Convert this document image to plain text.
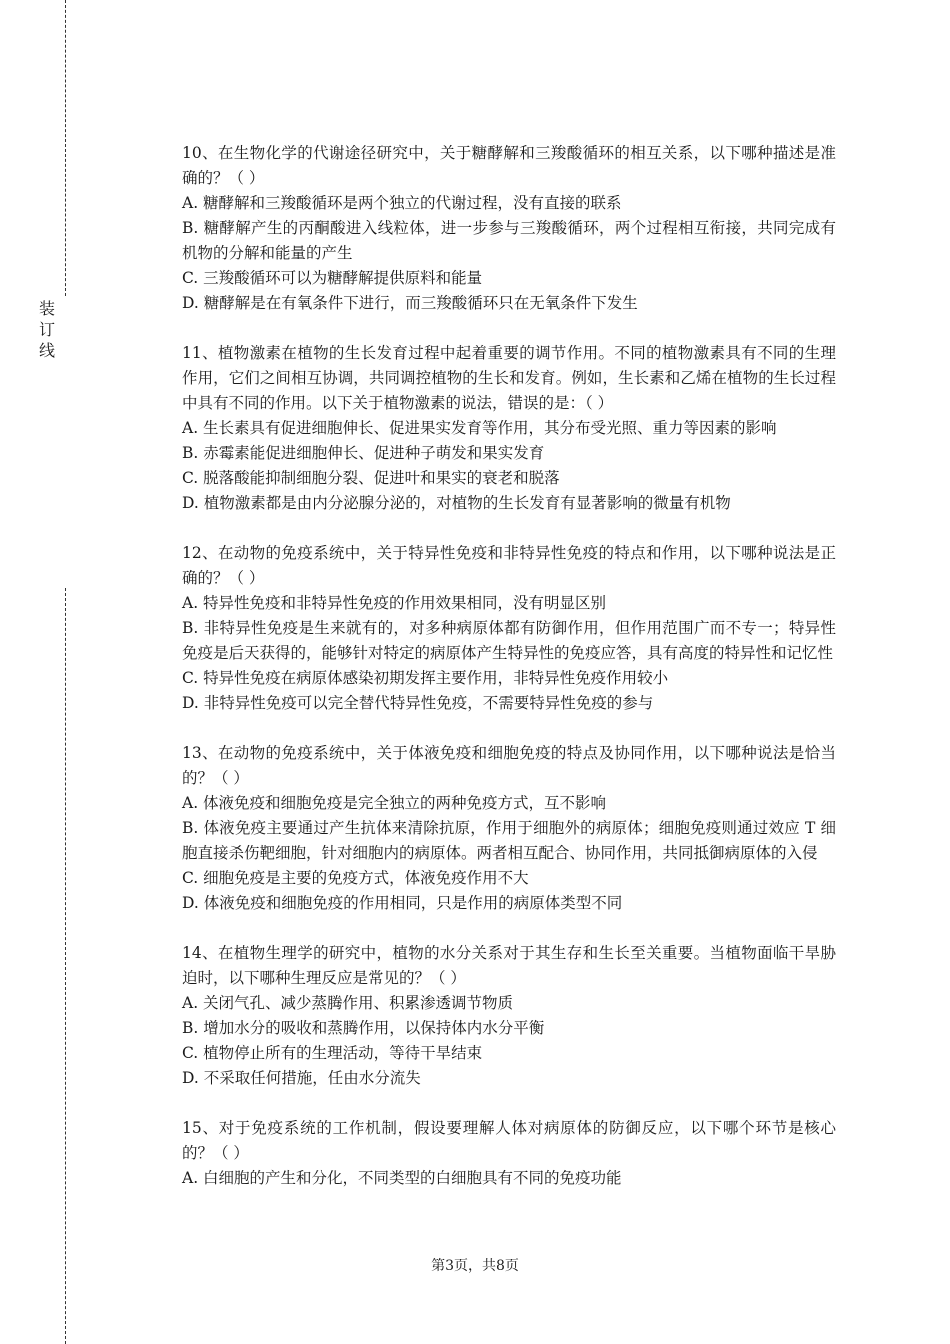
装
订
线
10、在生物化学的代谢途径研究中，关于糖酵解和三羧酸循环的相互关系，以下哪种描述是准确的？（ ）

A. 糖酵解和三羧酸循环是两个独立的代谢过程，没有直接的联系

B. 糖酵解产生的丙酮酸进入线粒体，进一步参与三羧酸循环，两个过程相互衔接，共同完成有机物的分解和能量的产生

C. 三羧酸循环可以为糖酵解提供原料和能量

D. 糖酵解是在有氧条件下进行，而三羧酸循环只在无氧条件下发生

11、植物激素在植物的生长发育过程中起着重要的调节作用。不同的植物激素具有不同的生理作用，它们之间相互协调，共同调控植物的生长和发育。例如，生长素和乙烯在植物的生长过程中具有不同的作用。以下关于植物激素的说法，错误的是：（ ）

A. 生长素具有促进细胞伸长、促进果实发育等作用，其分布受光照、重力等因素的影响

B. 赤霉素能促进细胞伸长、促进种子萌发和果实发育

C. 脱落酸能抑制细胞分裂、促进叶和果实的衰老和脱落

D. 植物激素都是由内分泌腺分泌的，对植物的生长发育有显著影响的微量有机物

12、在动物的免疫系统中，关于特异性免疫和非特异性免疫的特点和作用，以下哪种说法是正确的？（ ）

A. 特异性免疫和非特异性免疫的作用效果相同，没有明显区别

B. 非特异性免疫是生来就有的，对多种病原体都有防御作用，但作用范围广而不专一；特异性免疫是后天获得的，能够针对特定的病原体产生特异性的免疫应答，具有高度的特异性和记忆性

C. 特异性免疫在病原体感染初期发挥主要作用，非特异性免疫作用较小

D. 非特异性免疫可以完全替代特异性免疫，不需要特异性免疫的参与

13、在动物的免疫系统中，关于体液免疫和细胞免疫的特点及协同作用，以下哪种说法是恰当的？（ ）

A. 体液免疫和细胞免疫是完全独立的两种免疫方式，互不影响

B. 体液免疫主要通过产生抗体来清除抗原，作用于细胞外的病原体；细胞免疫则通过效应 T 细胞直接杀伤靶细胞，针对细胞内的病原体。两者相互配合、协同作用，共同抵御病原体的入侵

C. 细胞免疫是主要的免疫方式，体液免疫作用不大

D. 体液免疫和细胞免疫的作用相同，只是作用的病原体类型不同

14、在植物生理学的研究中，植物的水分关系对于其生存和生长至关重要。当植物面临干旱胁迫时，以下哪种生理反应是常见的？（ ）

A. 关闭气孔、减少蒸腾作用、积累渗透调节物质

B. 增加水分的吸收和蒸腾作用，以保持体内水分平衡

C. 植物停止所有的生理活动，等待干旱结束

D. 不采取任何措施，任由水分流失

15、对于免疫系统的工作机制，假设要理解人体对病原体的防御反应，以下哪个环节是核心的？（ ）

A. 白细胞的产生和分化，不同类型的白细胞具有不同的免疫功能

第3页，共8页
